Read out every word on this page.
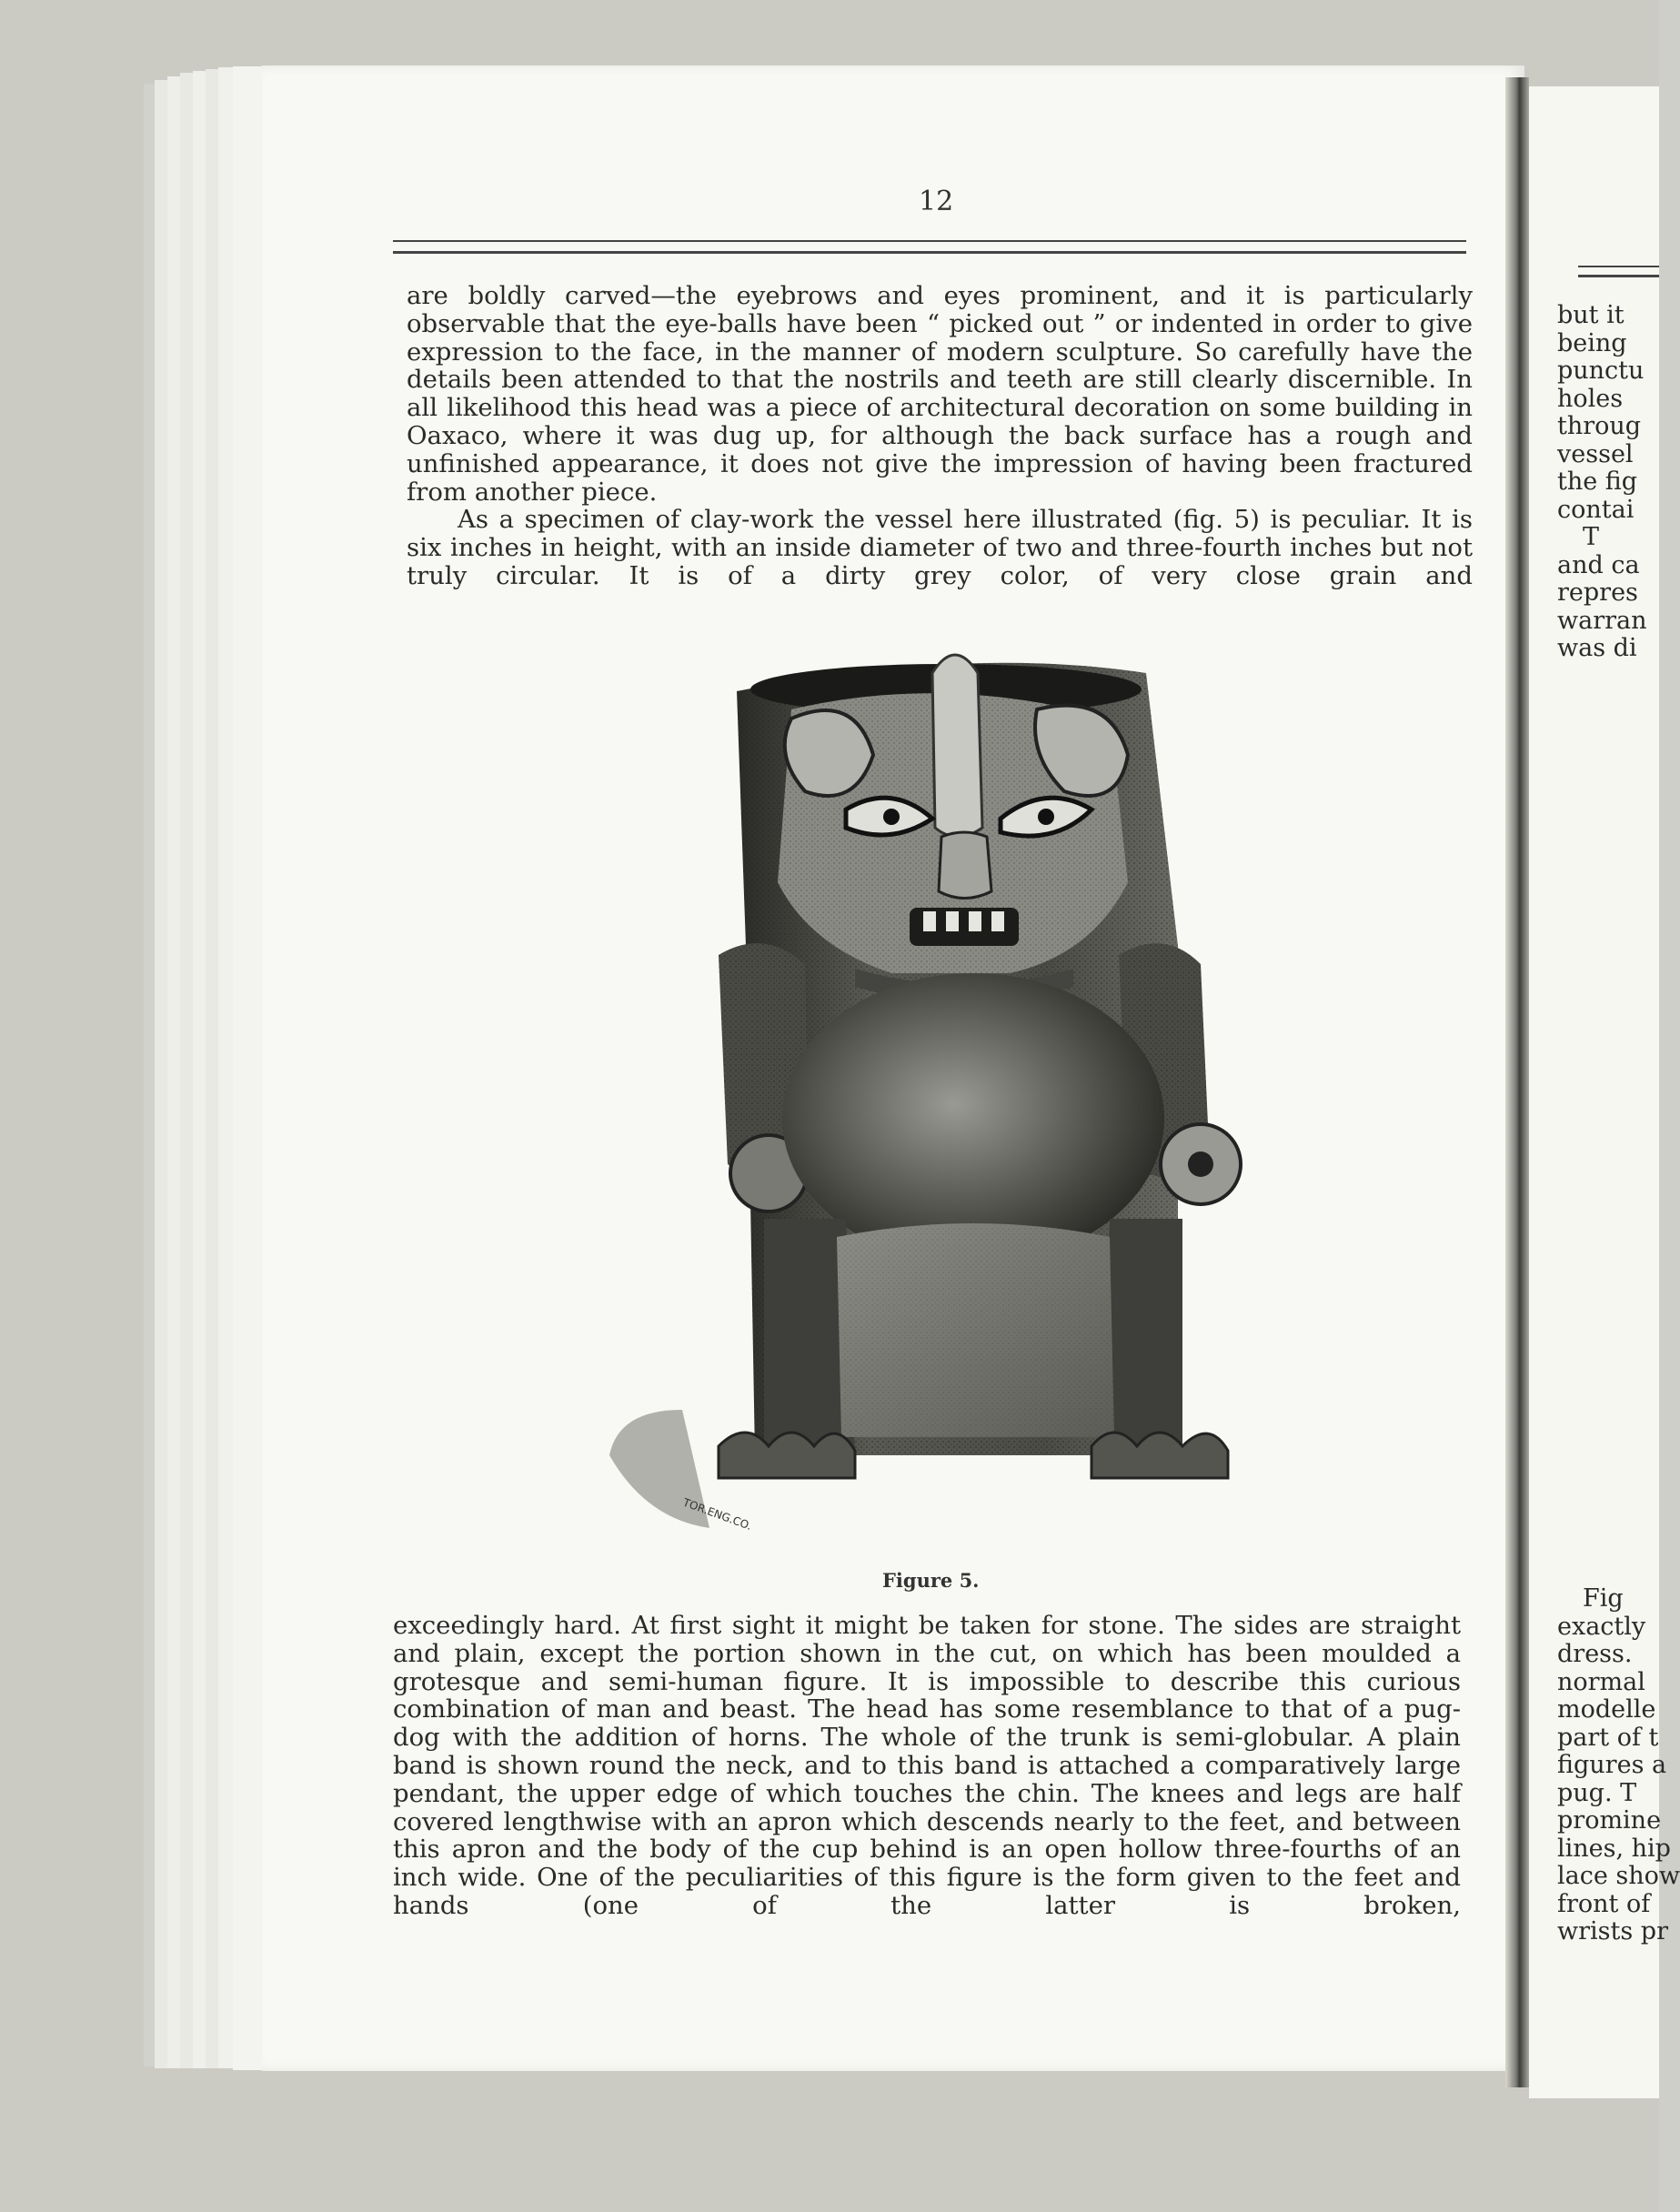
12

are boldly carved—the eyebrows and eyes prominent, and it is particularly observable that the eye-balls have been “ picked out ” or indented in order to give expression to the face, in the manner of modern sculpture. So carefully have the details been attended to that the nostrils and teeth are still clearly discernible. In all likelihood this head was a piece of architectural decoration on some building in Oaxaco, where it was dug up, for although the back surface has a rough and unfinished appearance, it does not give the impression of having been fractured from another piece.

As a specimen of clay-work the vessel here illustrated (fig. 5) is peculiar. It is six inches in height, with an inside diameter of two and three-fourth inches but not truly circular. It is of a dirty grey color, of very close grain and

TOR.ENG.CO.
Figure 5.

exceedingly hard. At first sight it might be taken for stone. The sides are straight and plain, except the portion shown in the cut, on which has been moulded a grotesque and semi-human figure. It is impossible to describe this curious combination of man and beast. The head has some resemblance to that of a pug-dog with the addition of horns. The whole of the trunk is semi-globular. A plain band is shown round the neck, and to this band is attached a comparatively large pendant, the upper edge of which touches the chin. The knees and legs are half covered lengthwise with an apron which descends nearly to the feet, and between this apron and the body of the cup behind is an open hollow three-fourths of an inch wide. One of the peculiarities of this figure is the form given to the feet and hands (one of the latter is broken,

but it
being
punctu
holes
throug
vessel
the fig
contai
T
and ca
repres
warran
was di
Fig
exactly
dress.
normal
modelle
part of t
figures a
pug. T
promine
lines, hip
lace show
front of
wrists pr
